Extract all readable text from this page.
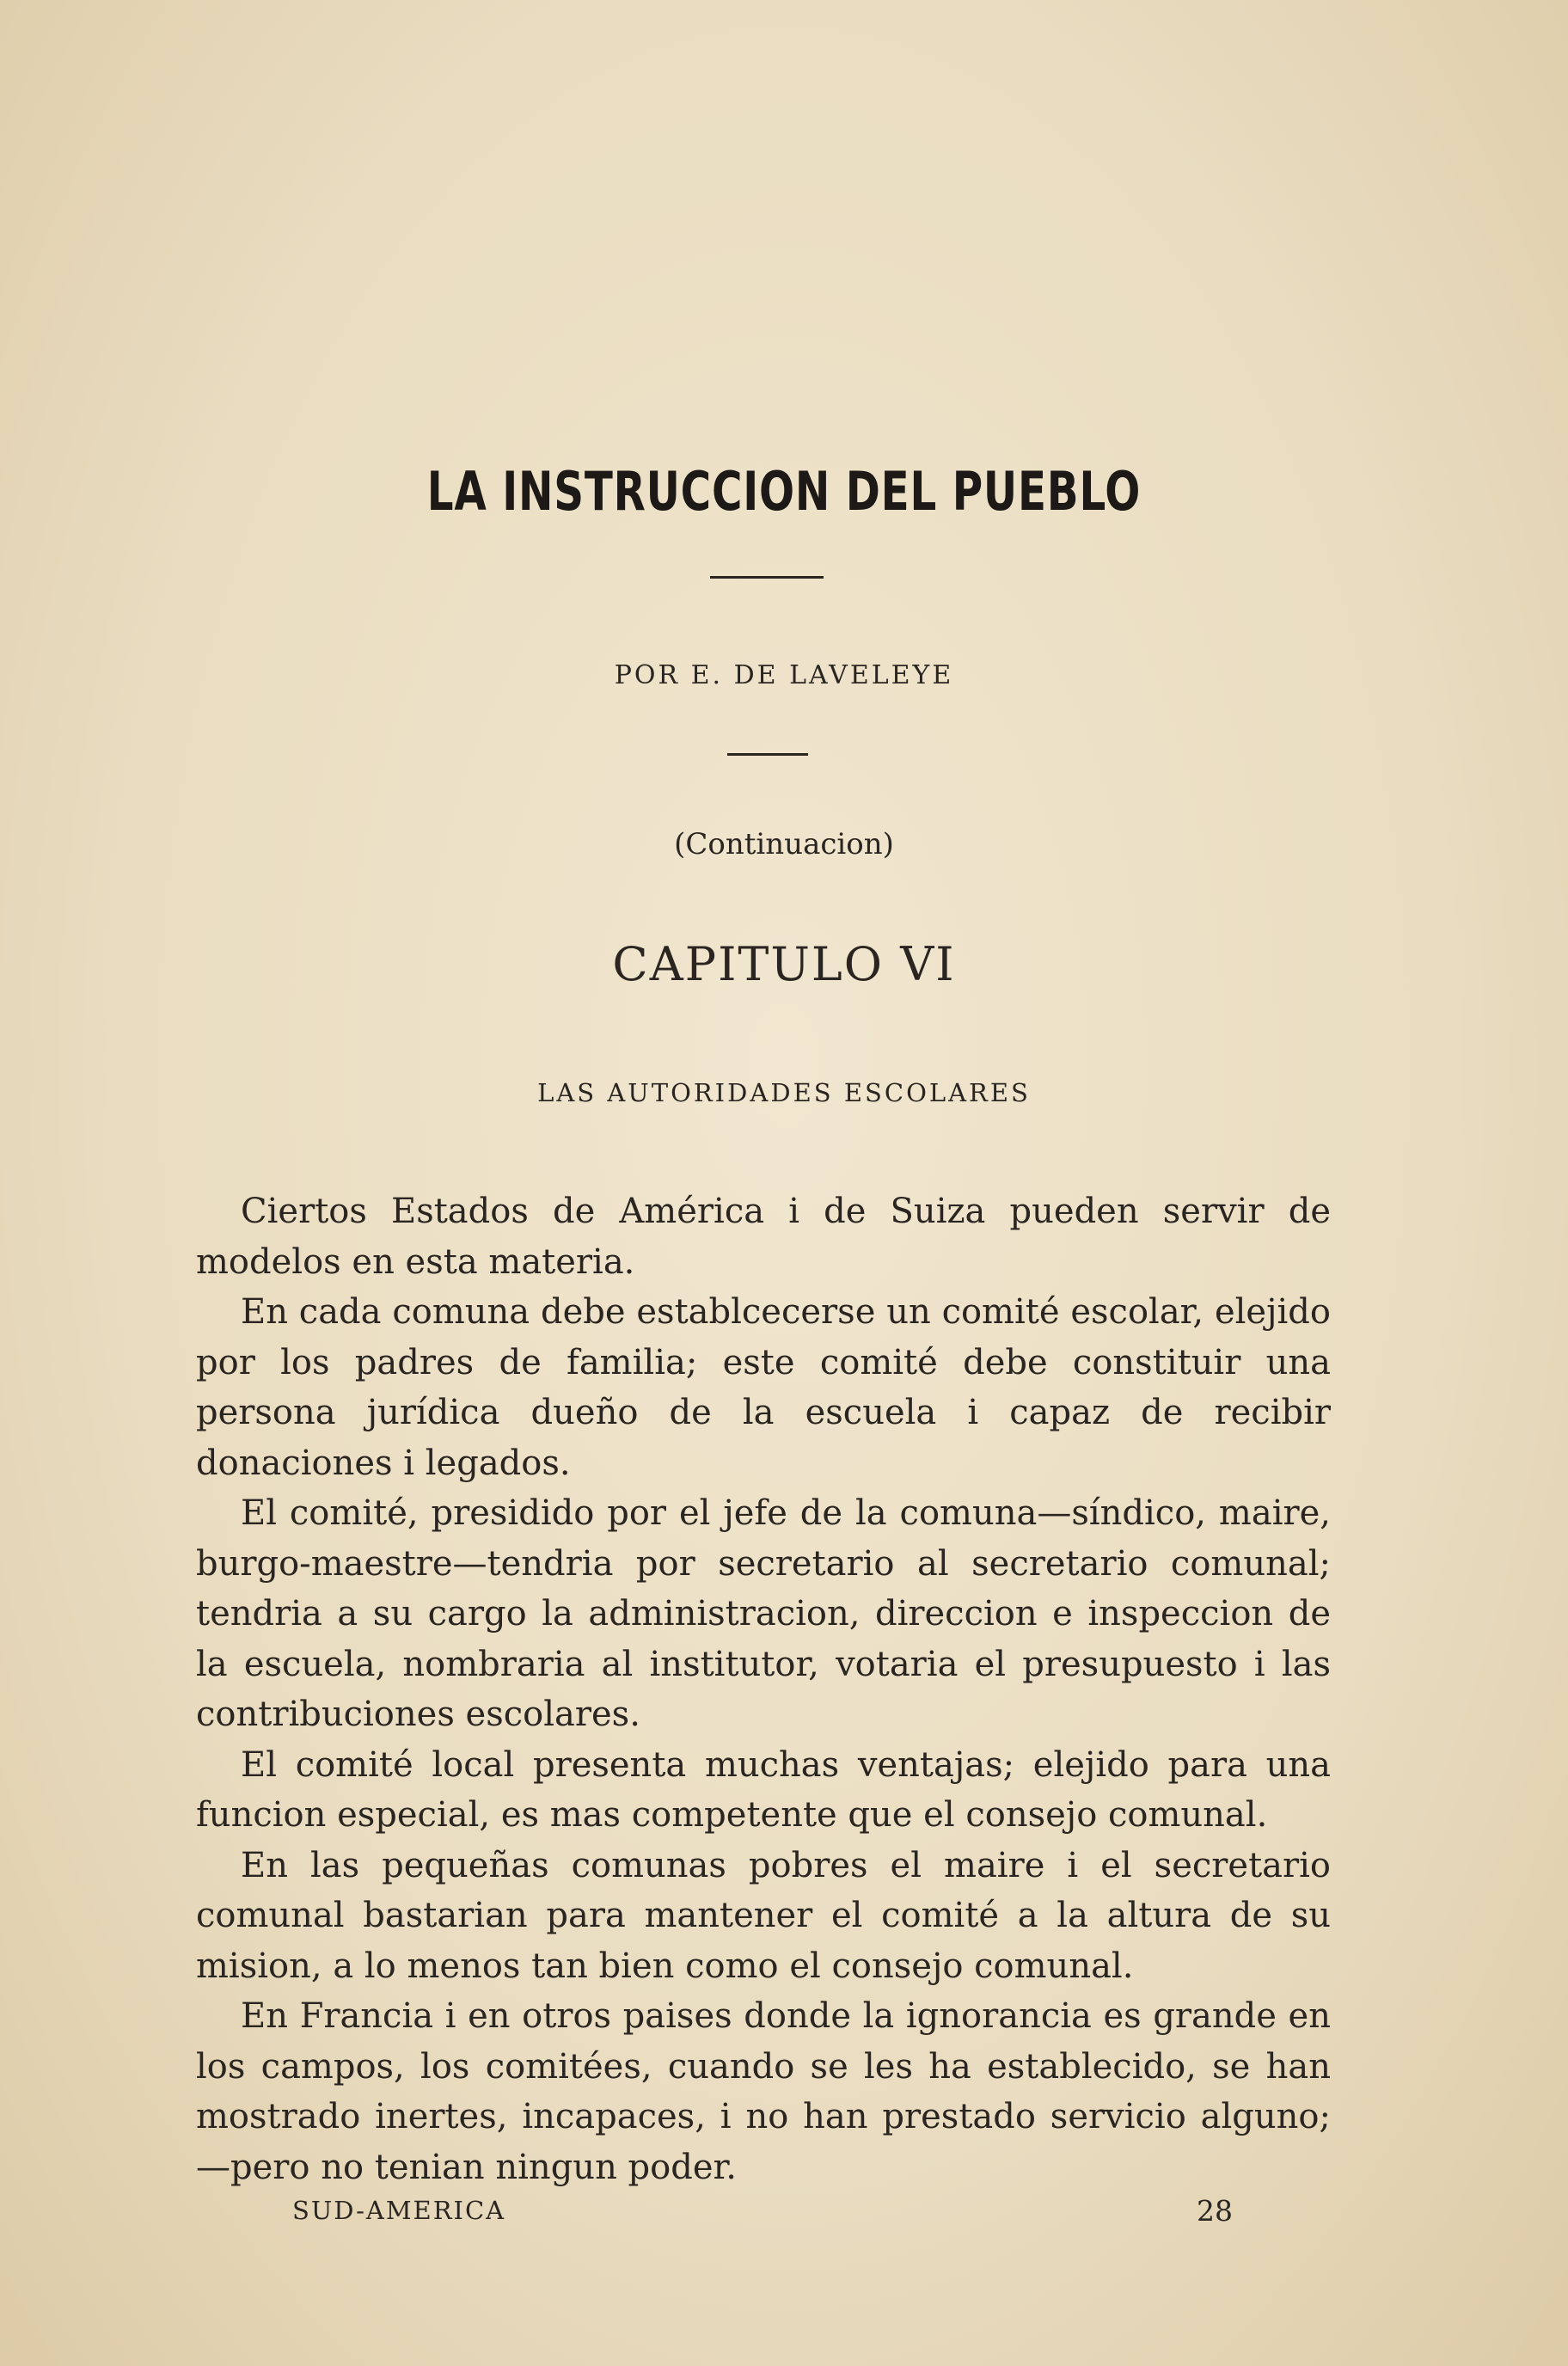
LA INSTRUCCION DEL PUEBLO
POR E. DE LAVELEYE
(Continuacion)
CAPITULO VI
LAS AUTORIDADES ESCOLARES

Ciertos Estados de América i de Suiza pueden servir de modelos en esta materia.

En cada comuna debe establcecerse un comité escolar, elejido por los padres de familia; este comité debe constituir una persona jurídica dueño de la escuela i capaz de recibir donaciones i legados.

El comité, presidido por el jefe de la comuna—síndico, maire, burgo-maestre—tendria por secretario al secretario comunal; tendria a su cargo la administracion, direccion e inspeccion de la escuela, nombraria al institutor, votaria el presupuesto i las contribuciones escolares.

El comité local presenta muchas ventajas; elejido para una funcion especial, es mas competente que el consejo comunal.

En las pequeñas comunas pobres el maire i el secretario comunal bastarian para mantener el comité a la altura de su mision, a lo menos tan bien como el consejo comunal.

En Francia i en otros paises donde la ignorancia es grande en los campos, los comitées, cuando se les ha establecido, se han mostrado inertes, incapaces, i no han prestado servicio alguno;—pero no tenian ningun poder.

SUD-AMERICA	28
